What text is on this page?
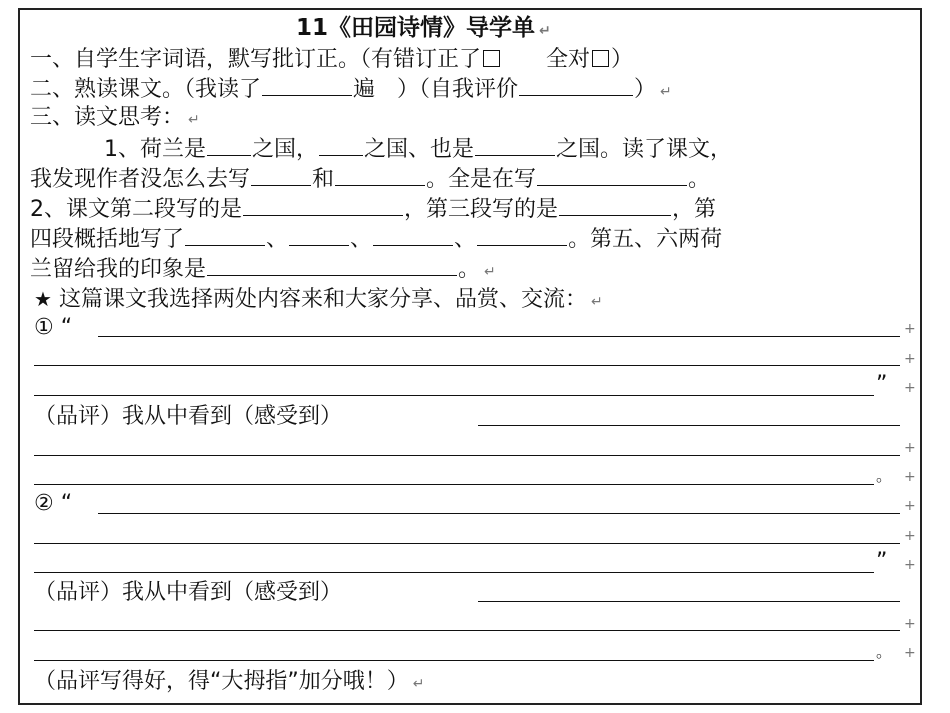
11《田园诗情》导学单 ↵
一、自学生字词语，默写批订正。（有错订正了	全对 ）
二、熟读课文。（我读了	遍　）（自我评价	） ↵
三、读文思考： ↵
1、荷兰是 之国， 之国、也是	之国。读了课文，
我发现作者没怎么去写	和	。全是在写	。
2、课文第二段写的是	，第三段写的是	，第
四段概括地写了	、	、	、	。第五、六两荷
兰留给我的印象是	。 ↵
★ 这篇课文我选择两处内容来和大家分享、品赏、交流： ↵
① “	+
+
” +
（品评）我从中看到（感受到）
+
。 +
② “	+
+
” +
（品评）我从中看到（感受到）
+
。 +
（品评写得好，得“大拇指”加分哦！） ↵
